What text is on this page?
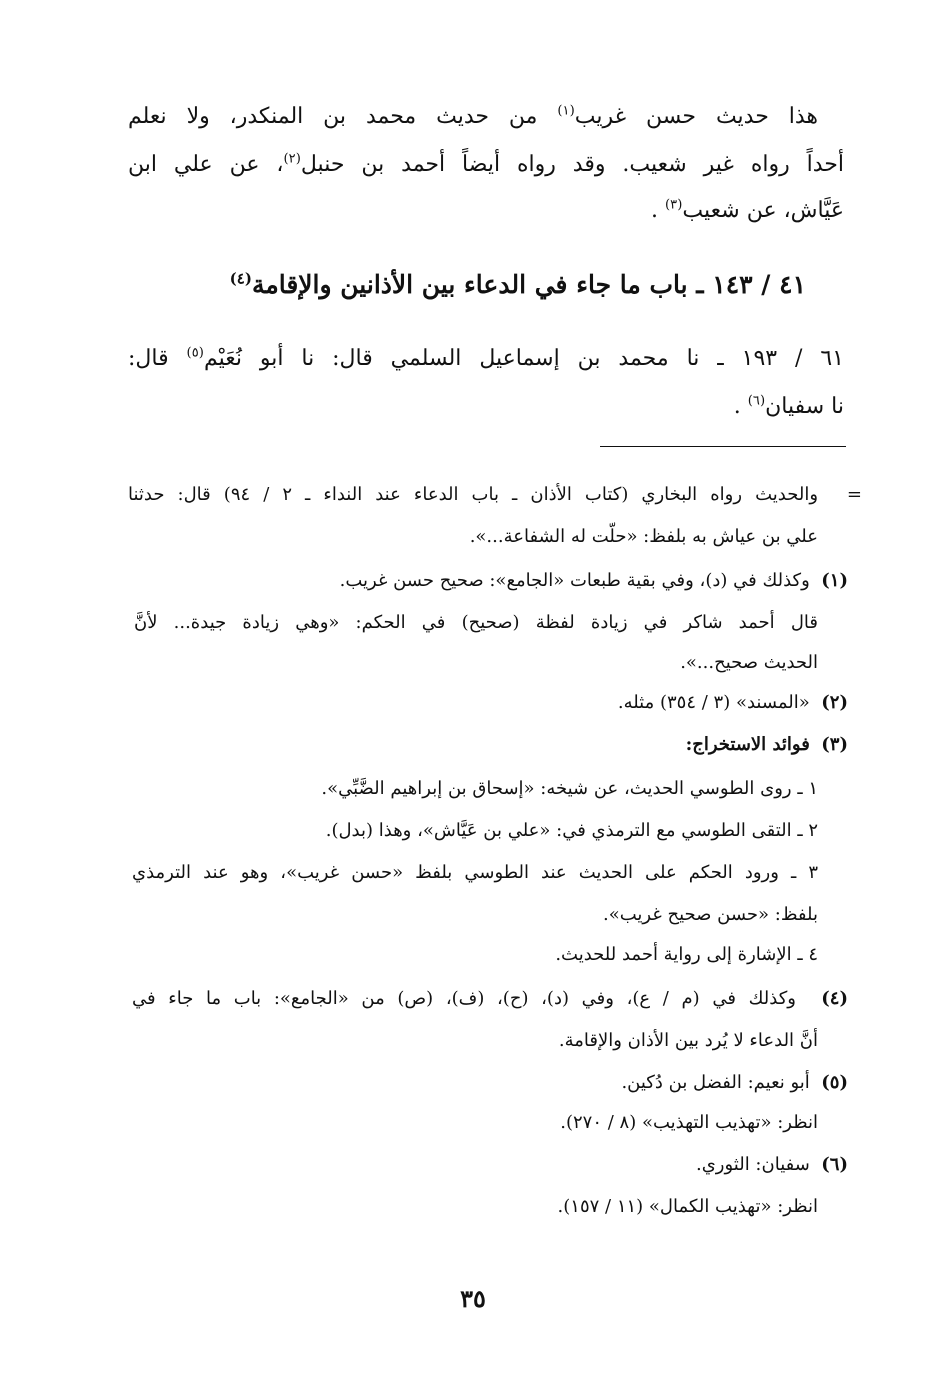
هذا حديث حسن غريب$^{(١)}$ من حديث محمد بن المنكدر، ولا نعلم
أحداً رواه غير شعيب. وقد رواه أيضاً أحمد بن حنبل$^{(٢)}$، عن علي ابن
عَيَّاش، عن شعيب$^{(٣)}$ .
٤١ / ١٤٣ ـ باب ما جاء في الدعاء بين الأذانين والإقامة$^{(٤)}$
٦١ / ١٩٣ ـ نا محمد بن إسماعيل السلمي قال: نا أبو نُعَيْم$^{(٥)}$ قال:
نا سفيان$^{(٦)}$ .
=
والحديث رواه البخاري (كتاب الأذان ـ باب الدعاء عند النداء ـ ٢ / ٩٤) قال: حدثنا
علي بن عياش به بلفظ: «حلّت له الشفاعة...».
(١)  وكذلك في (د)، وفي بقية طبعات «الجامع»: صحيح حسن غريب.
قال أحمد شاكر في زيادة لفظة (صحيح) في الحكم: «وهي زيادة جيدة... لأنَّ
الحديث صحيح...».
(٢)  «المسند» (٣ / ٣٥٤) مثله.
(٣)  فوائد الاستخراج:
١ ـ روى الطوسي الحديث، عن شيخه: «إسحاق بن إبراهيم الضَّبِّي».
٢ ـ التقى الطوسي مع الترمذي في: «علي بن عَيَّاش»، وهذا (بدل).
٣ ـ ورود الحكم على الحديث عند الطوسي بلفظ «حسن غريب»، وهو عند الترمذي
بلفظ: «حسن صحيح غريب».
٤ ـ الإشارة إلى رواية أحمد للحديث.
(٤)  وكذلك في (م / ع)، وفي (د)، (ح)، (ف)، (ص) من «الجامع»: باب ما جاء في
أنَّ الدعاء لا يُرد بين الأذان والإقامة.
(٥)  أبو نعيم: الفضل بن دُكين.
انظر: «تهذيب التهذيب» (٨ / ٢٧٠).
(٦)  سفيان: الثوري.
انظر: «تهذيب الكمال» (١١ / ١٥٧).
٣٥
